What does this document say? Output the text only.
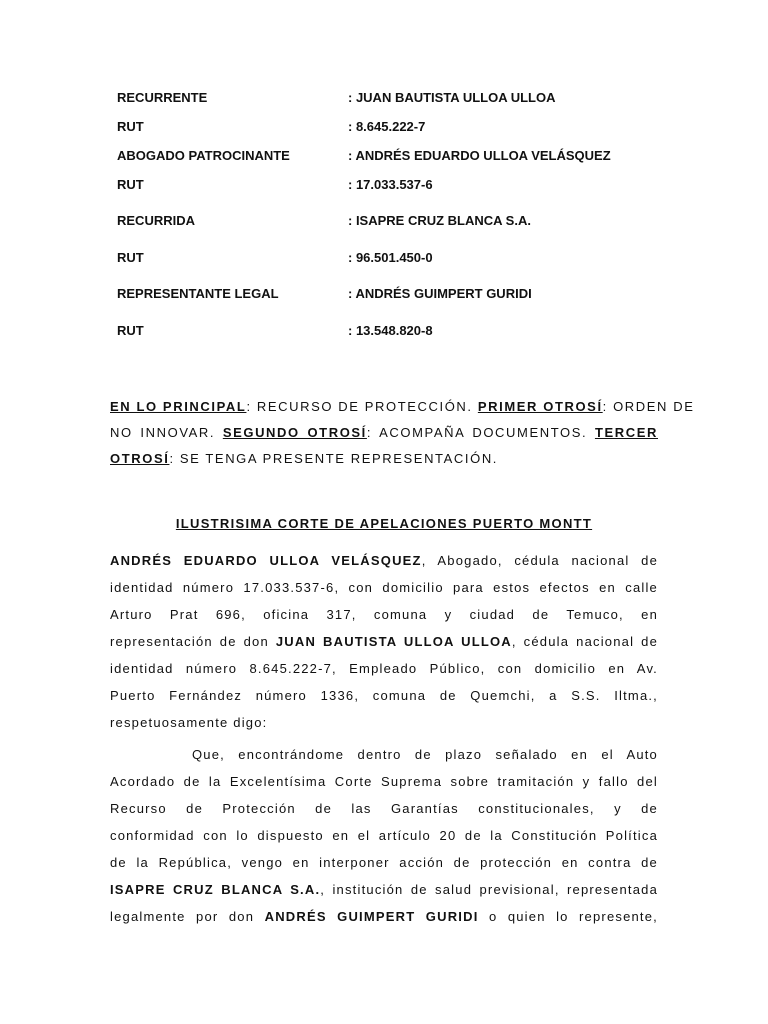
RECURRENTE	: JUAN BAUTISTA ULLOA ULLOA
RUT	: 8.645.222-7
ABOGADO PATROCINANTE	: ANDRÉS EDUARDO ULLOA VELÁSQUEZ
RUT	: 17.033.537-6
RECURRIDA	: ISAPRE CRUZ BLANCA S.A.
RUT	: 96.501.450-0
REPRESENTANTE LEGAL	: ANDRÉS GUIMPERT GURIDI
RUT	: 13.548.820-8
EN LO PRINCIPAL: RECURSO DE PROTECCIÓN. PRIMER OTROSÍ: ORDEN DE
NO INNOVAR. SEGUNDO OTROSÍ: ACOMPAÑA DOCUMENTOS. TERCER
OTROSÍ: SE TENGA PRESENTE REPRESENTACIÓN.
ILUSTRISIMA CORTE DE APELACIONES PUERTO MONTT
ANDRÉS EDUARDO ULLOA VELÁSQUEZ, Abogado, cédula nacional de
identidad número 17.033.537-6, con domicilio para estos efectos en calle
Arturo Prat 696, oficina 317, comuna y ciudad de Temuco, en
representación de don JUAN BAUTISTA ULLOA ULLOA, cédula nacional de
identidad número 8.645.222-7, Empleado Público, con domicilio en Av.
Puerto Fernández número 1336, comuna de Quemchi, a S.S. Iltma.,
respetuosamente digo:
Que, encontrándome dentro de plazo señalado en el Auto
Acordado de la Excelentísima Corte Suprema sobre tramitación y fallo del
Recurso de Protección de las Garantías constitucionales, y de
conformidad con lo dispuesto en el artículo 20 de la Constitución Política
de la República, vengo en interponer acción de protección en contra de
ISAPRE CRUZ BLANCA S.A., institución de salud previsional, representada
legalmente por don ANDRÉS GUIMPERT GURIDI o quien lo represente,
